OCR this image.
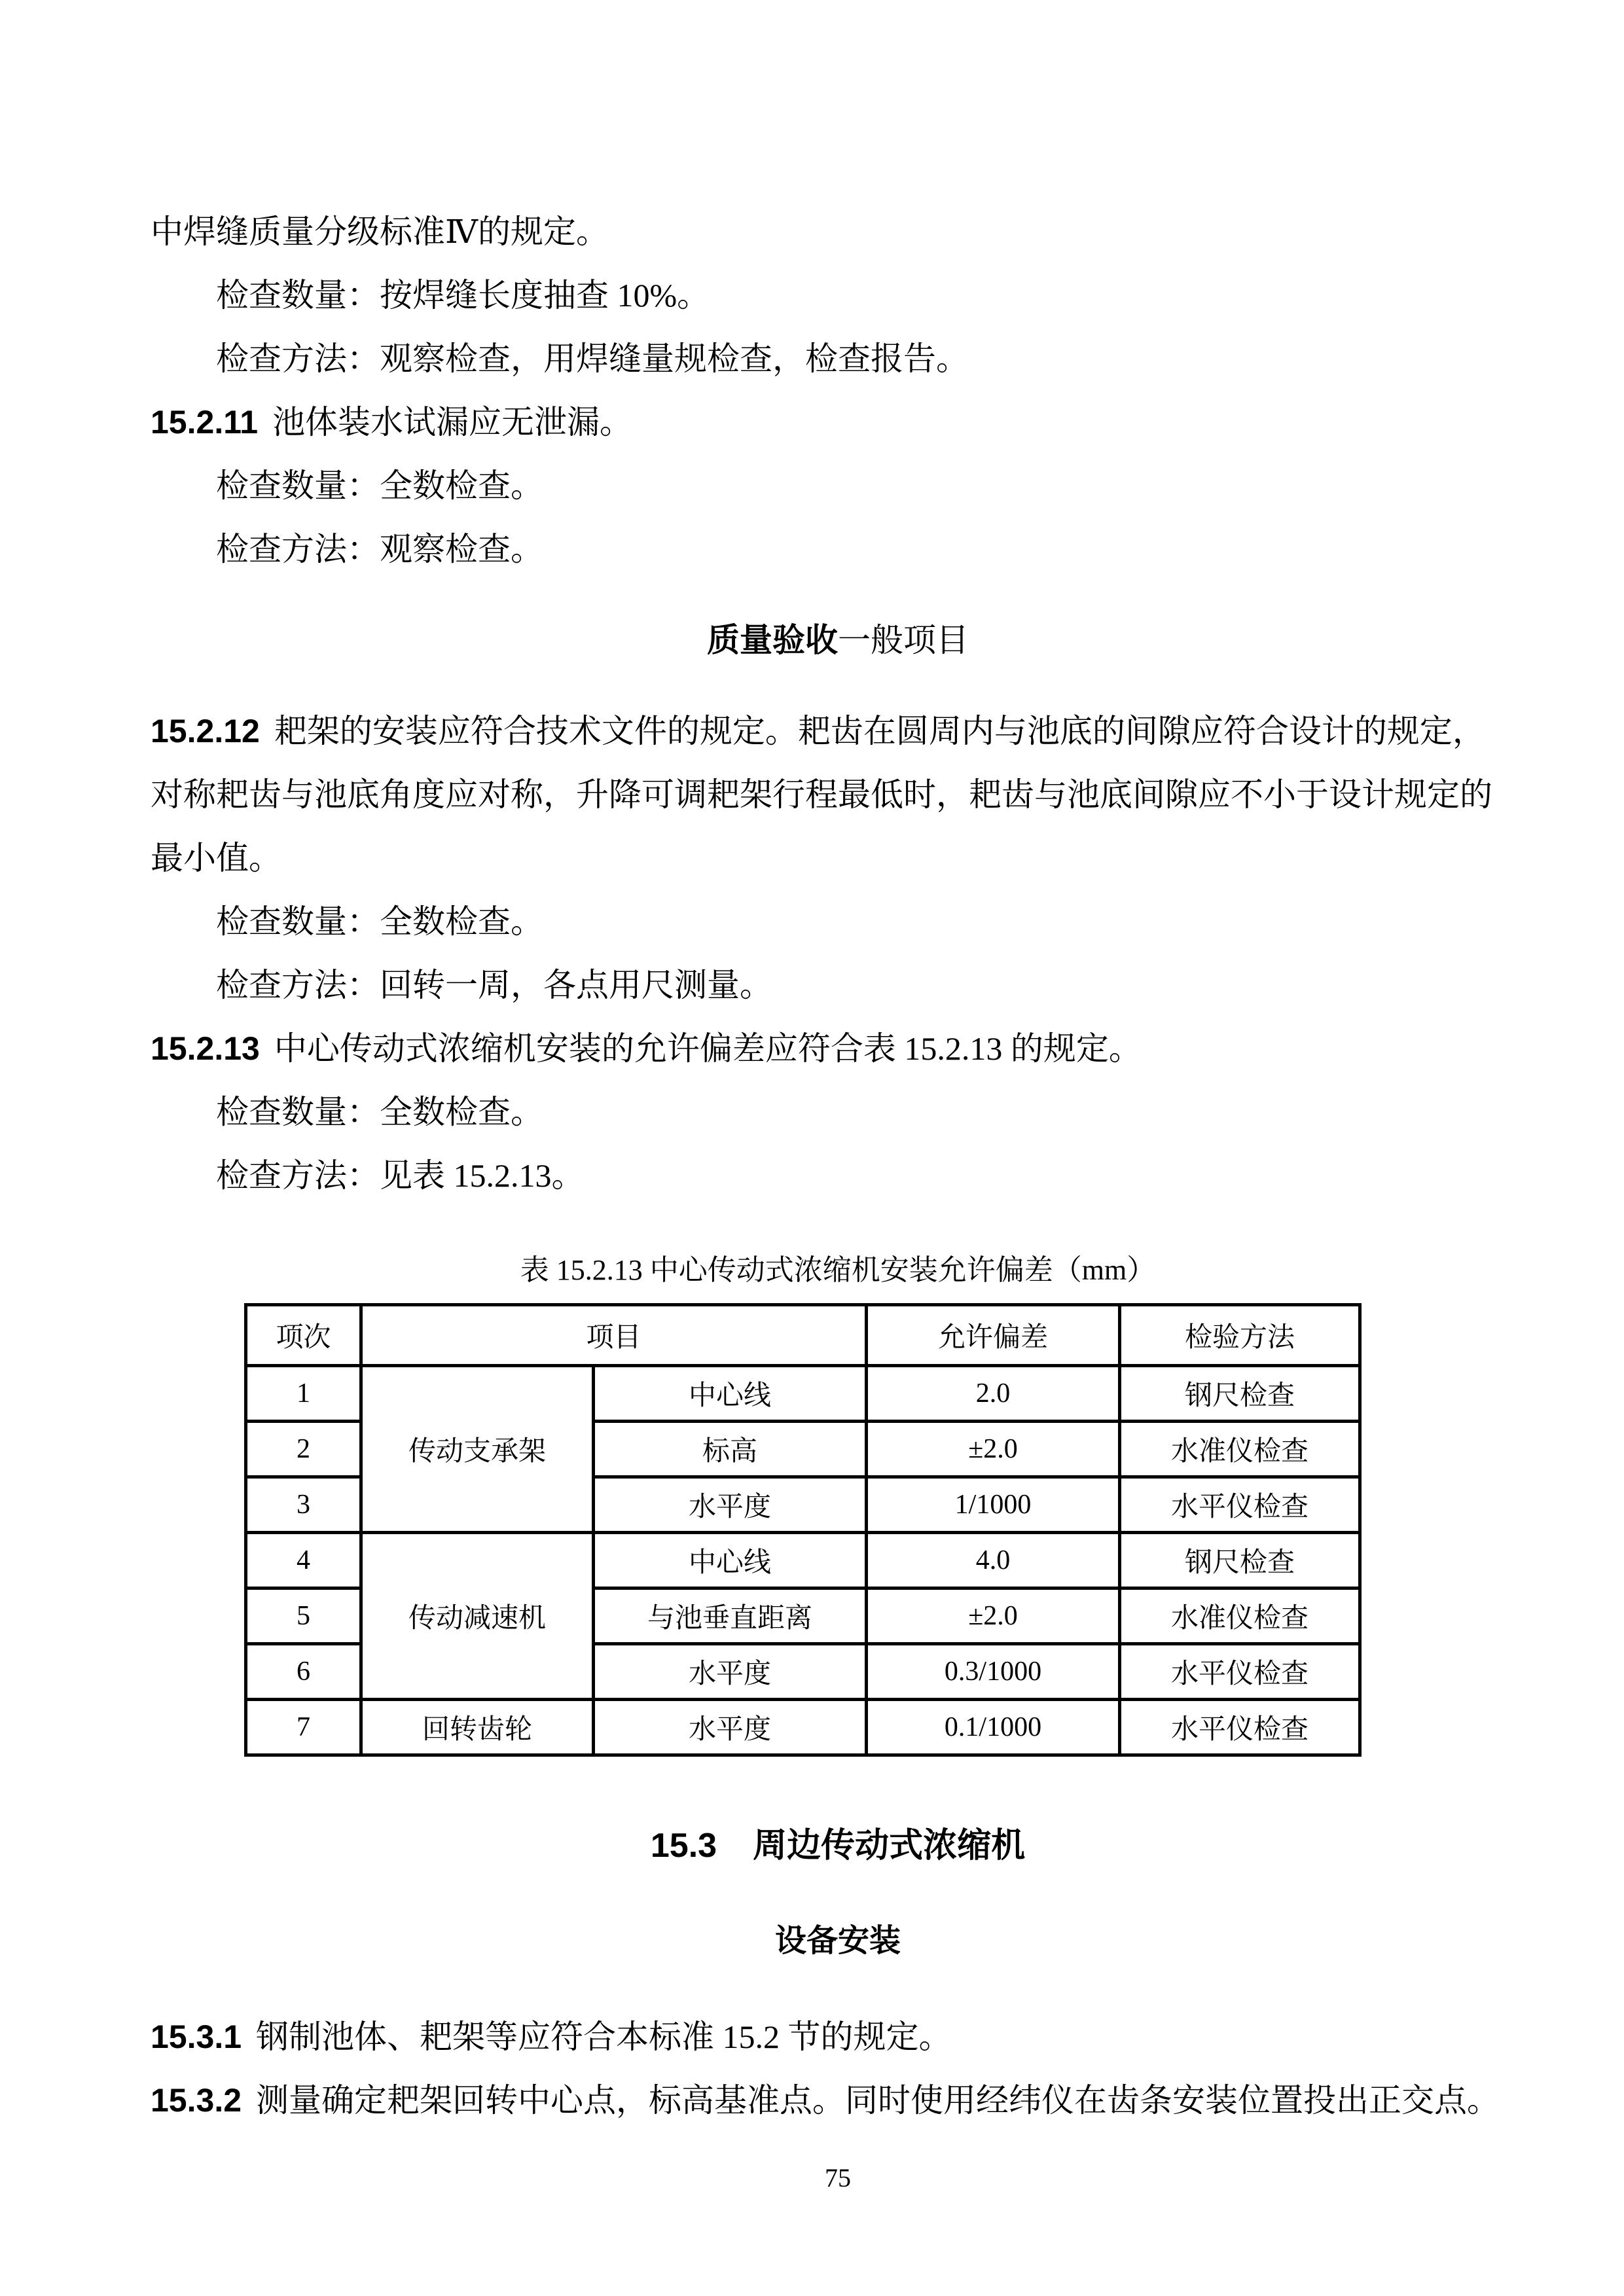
中焊缝质量分级标准Ⅳ的规定。

检查数量：按焊缝长度抽查 10%。

检查方法：观察检查，用焊缝量规检查，检查报告。

15.2.11 池体装水试漏应无泄漏。

检查数量：全数检查。

检查方法：观察检查。

质量验收一般项目

15.2.12 耙架的安装应符合技术文件的规定。耙齿在圆周内与池底的间隙应符合设计的规定，

对称耙齿与池底角度应对称，升降可调耙架行程最低时，耙齿与池底间隙应不小于设计规定的

最小值。

检查数量：全数检查。

检查方法：回转一周，各点用尺测量。

15.2.13 中心传动式浓缩机安装的允许偏差应符合表 15.2.13 的规定。

检查数量：全数检查。

检查方法：见表 15.2.13。

表 15.2.13 中心传动式浓缩机安装允许偏差（mm）
项次	项目		允许偏差	检验方法
1	传动支承架	中心线	2.0	钢尺检查
2		标高	±2.0	水准仪检查
3		水平度	1/1000	水平仪检查
4	传动减速机	中心线	4.0	钢尺检查
5		与池垂直距离	±2.0	水准仪检查
6		水平度	0.3/1000	水平仪检查
7	回转齿轮	水平度	0.1/1000	水平仪检查
15.3 周边传动式浓缩机
设备安装

15.3.1 钢制池体、耙架等应符合本标准 15.2 节的规定。

15.3.2 测量确定耙架回转中心点，标高基准点。同时使用经纬仪在齿条安装位置投出正交点。

75
